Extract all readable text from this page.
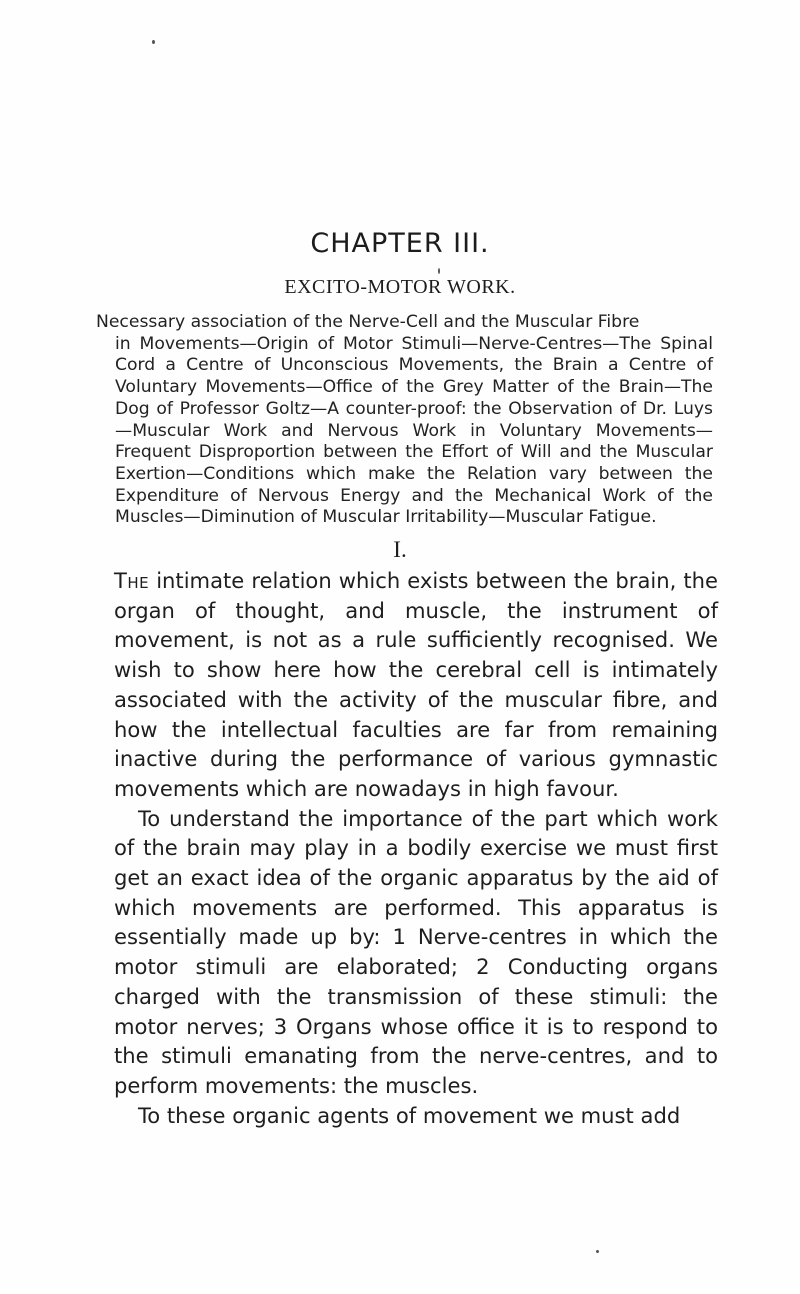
CHAPTER III.
EXCITO-MOTOR WORK.
Necessary association of the Nerve-Cell and the Muscular Fibre
in Movements—Origin of Motor Stimuli—Nerve-Centres—The Spinal Cord a Centre of Unconscious Movements, the Brain a Centre of Voluntary Movements—Office of the Grey Matter of the Brain—The Dog of Professor Goltz—A counter-proof: the Observation of Dr. Luys—Muscular Work and Nervous Work in Voluntary Movements—Frequent Disproportion between the Effort of Will and the Muscular Exertion—Conditions which make the Relation vary between the Expenditure of Nervous Energy and the Mechanical Work of the Muscles—Diminution of Muscular Irritability—Muscular Fatigue.
I.

The intimate relation which exists between the brain, the organ of thought, and muscle, the instrument of movement, is not as a rule sufficiently recognised. We wish to show here how the cerebral cell is intimately associated with the activity of the muscular fibre, and how the intellectual faculties are far from remaining inactive during the performance of various gymnastic movements which are nowadays in high favour.

To understand the importance of the part which work of the brain may play in a bodily exercise we must first get an exact idea of the organic apparatus by the aid of which movements are performed. This apparatus is essentially made up by: 1 Nerve-centres in which the motor stimuli are elaborated; 2 Conducting organs charged with the transmission of these stimuli: the motor nerves; 3 Organs whose office it is to respond to the stimuli emanating from the nerve-centres, and to perform movements: the muscles.

To these organic agents of movement we must add
